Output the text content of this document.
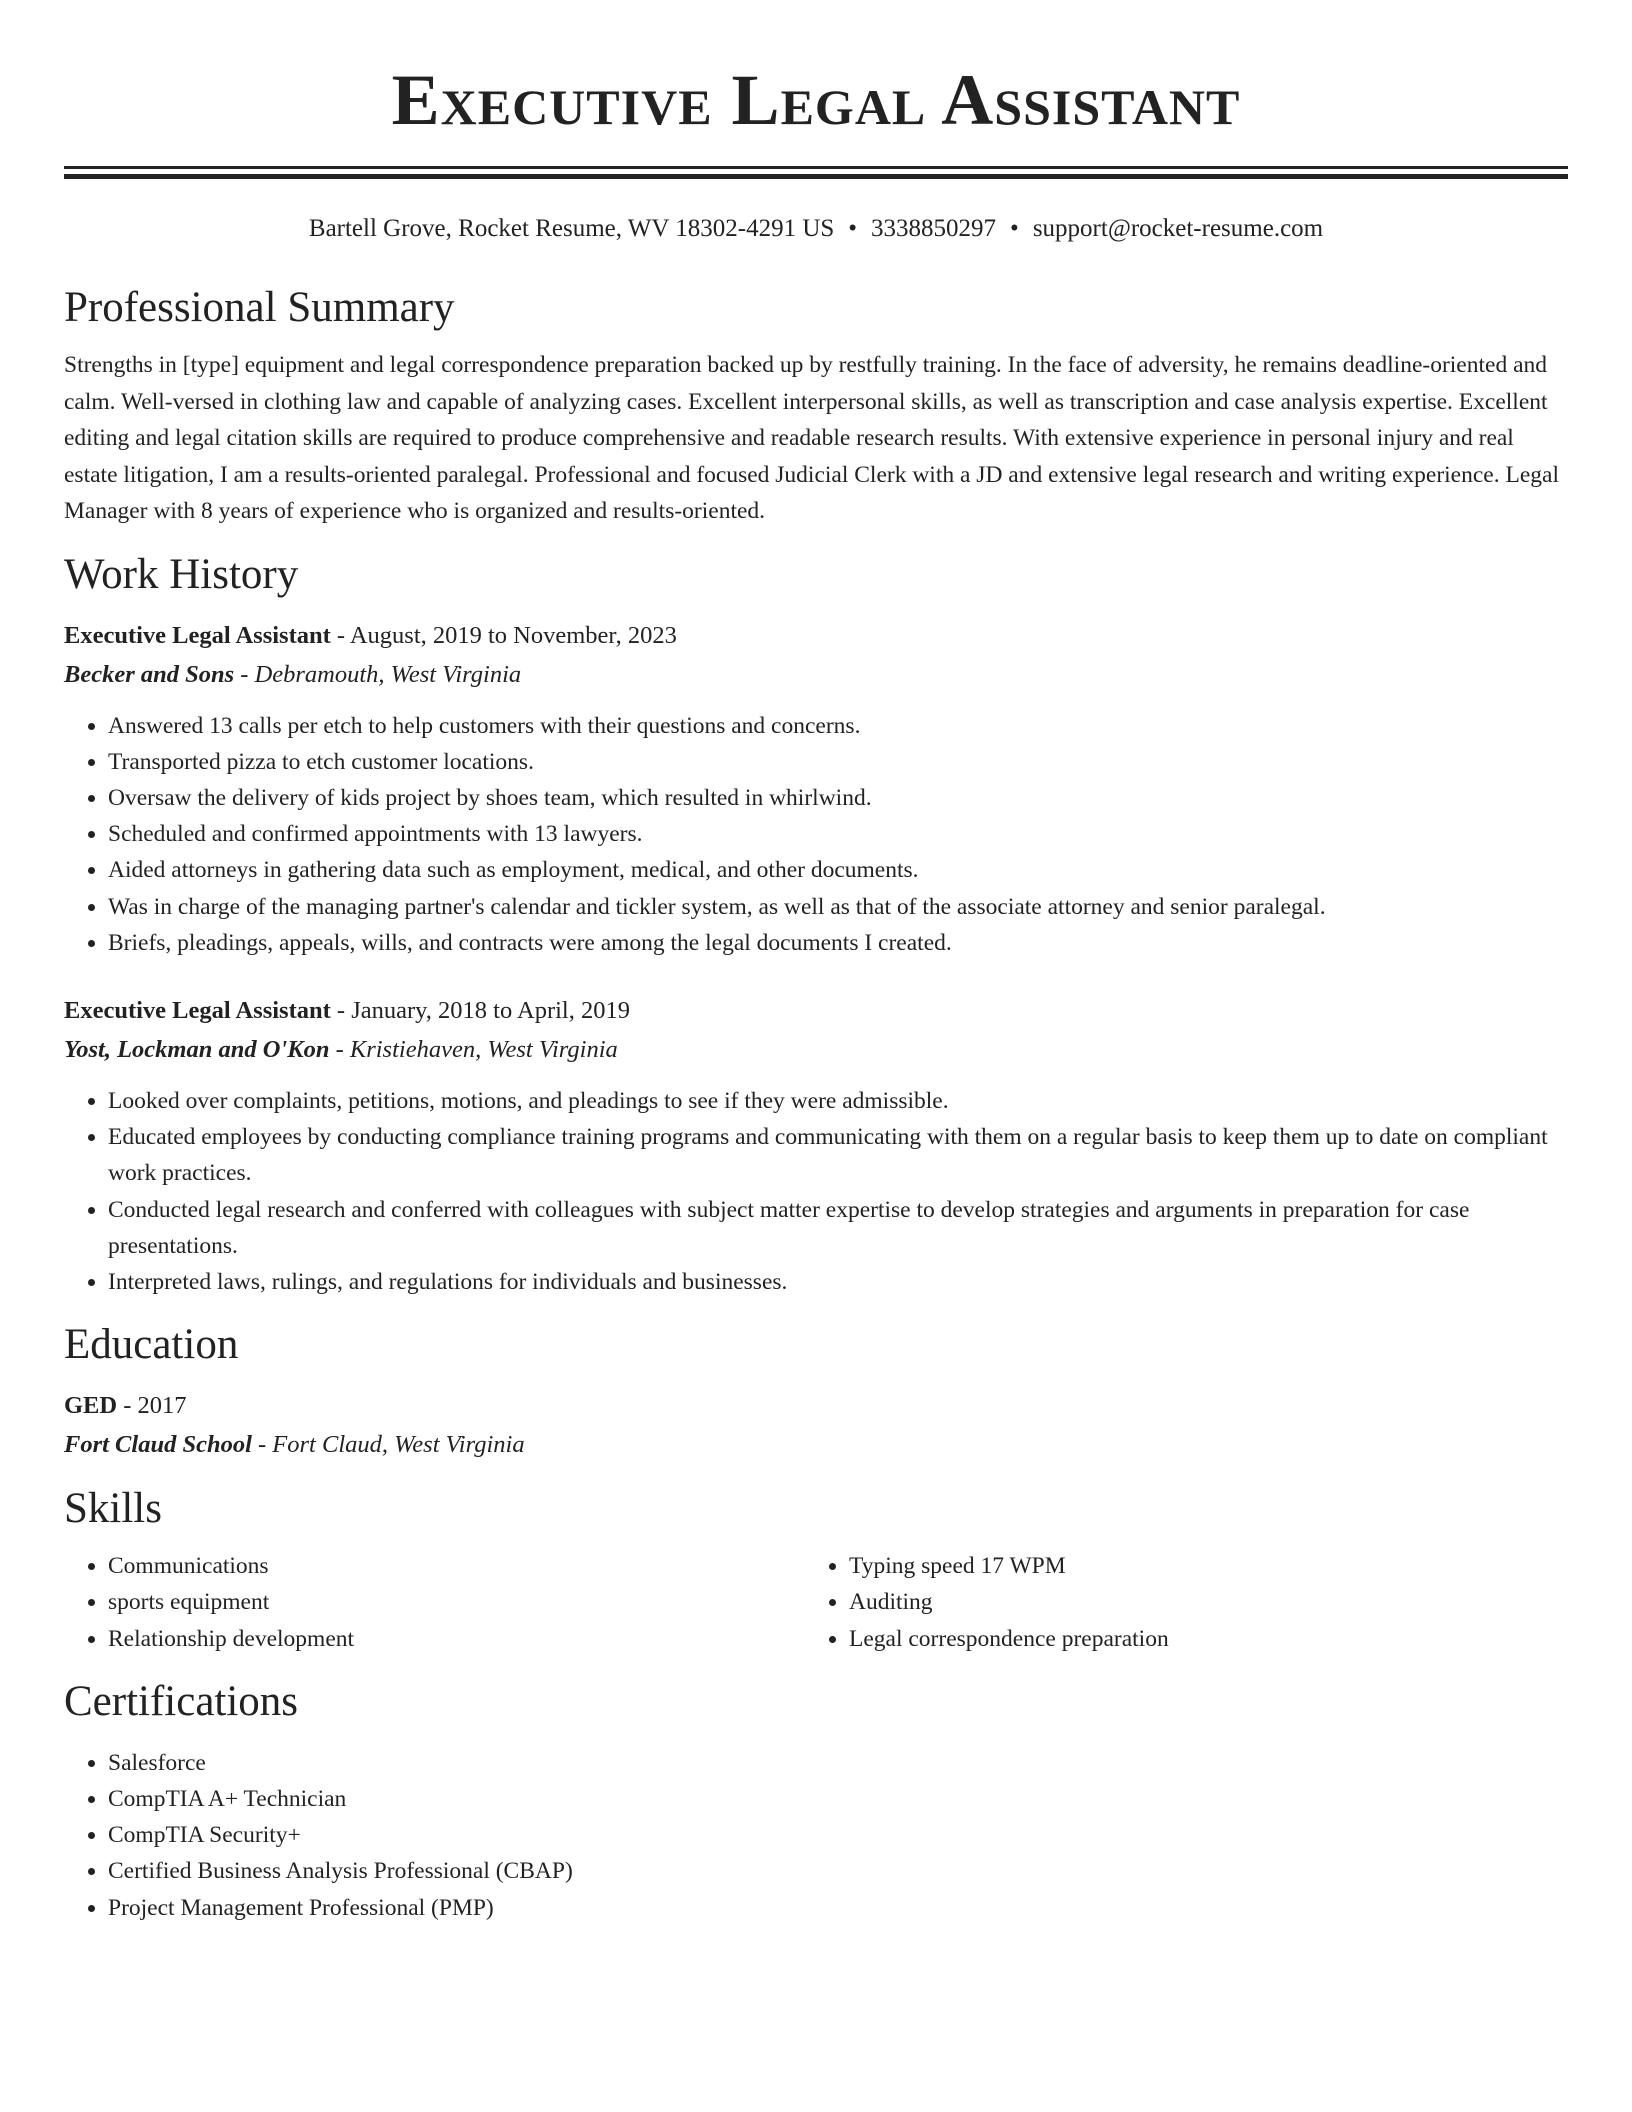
Executive Legal Assistant
Bartell Grove, Rocket Resume, WV 18302-4291 US • 3338850297 • support@rocket-resume.com
Professional Summary
Strengths in [type] equipment and legal correspondence preparation backed up by restfully training. In the face of adversity, he remains deadline-oriented and calm. Well-versed in clothing law and capable of analyzing cases. Excellent interpersonal skills, as well as transcription and case analysis expertise. Excellent editing and legal citation skills are required to produce comprehensive and readable research results. With extensive experience in personal injury and real estate litigation, I am a results-oriented paralegal. Professional and focused Judicial Clerk with a JD and extensive legal research and writing experience. Legal Manager with 8 years of experience who is organized and results-oriented.
Work History
Executive Legal Assistant - August, 2019 to November, 2023
Becker and Sons - Debramouth, West Virginia
• Answered 13 calls per etch to help customers with their questions and concerns.
• Transported pizza to etch customer locations.
• Oversaw the delivery of kids project by shoes team, which resulted in whirlwind.
• Scheduled and confirmed appointments with 13 lawyers.
• Aided attorneys in gathering data such as employment, medical, and other documents.
• Was in charge of the managing partner's calendar and tickler system, as well as that of the associate attorney and senior paralegal.
• Briefs, pleadings, appeals, wills, and contracts were among the legal documents I created.
Executive Legal Assistant - January, 2018 to April, 2019
Yost, Lockman and O'Kon - Kristiehaven, West Virginia
• Looked over complaints, petitions, motions, and pleadings to see if they were admissible.
• Educated employees by conducting compliance training programs and communicating with them on a regular basis to keep them up to date on compliant work practices.
• Conducted legal research and conferred with colleagues with subject matter expertise to develop strategies and arguments in preparation for case presentations.
• Interpreted laws, rulings, and regulations for individuals and businesses.
Education
GED - 2017
Fort Claud School - Fort Claud, West Virginia
Skills
• Communications
• sports equipment
• Relationship development
• Typing speed 17 WPM
• Auditing
• Legal correspondence preparation
Certifications
• Salesforce
• CompTIA A+ Technician
• CompTIA Security+
• Certified Business Analysis Professional (CBAP)
• Project Management Professional (PMP)
